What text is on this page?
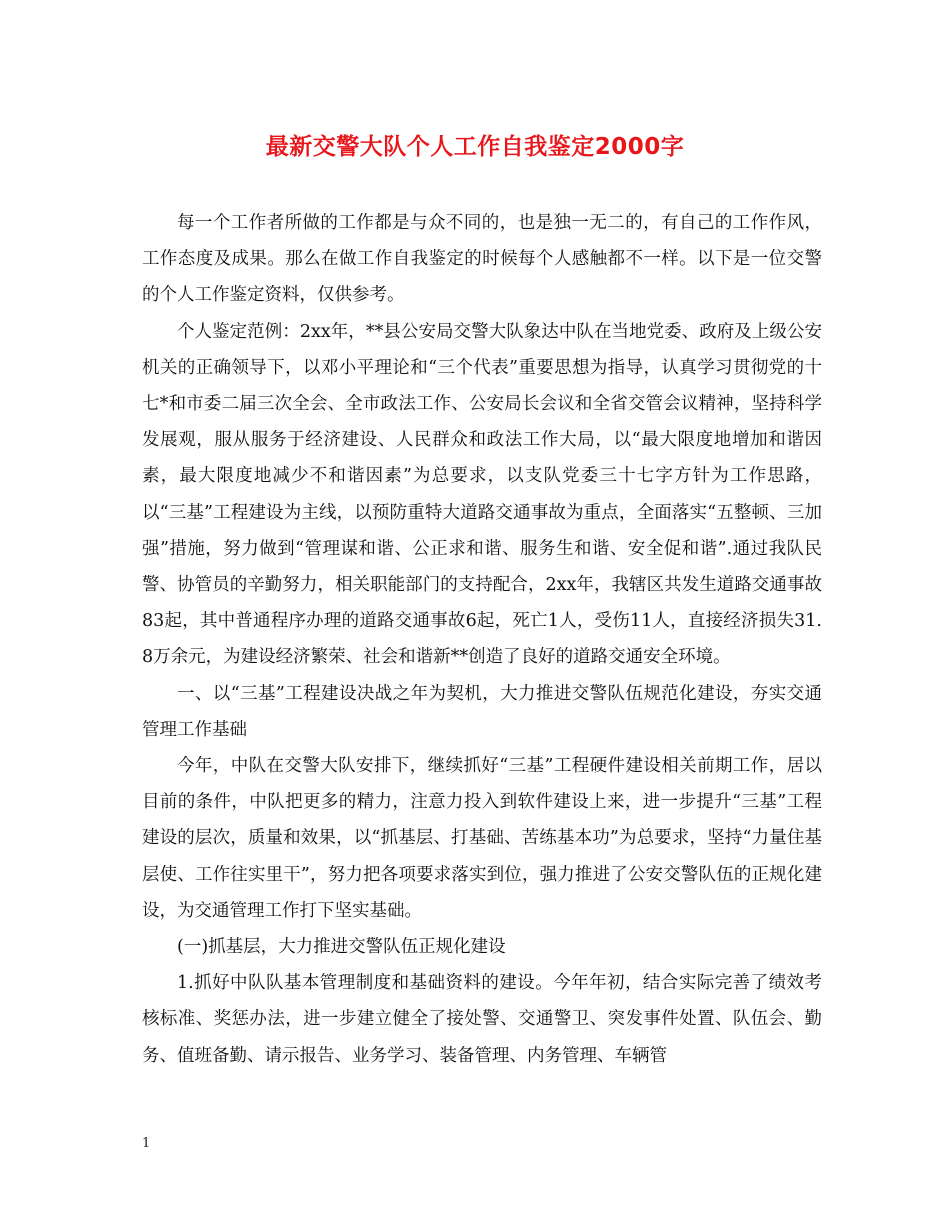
最新交警大队个人工作自我鉴定2000字

每一个工作者所做的工作都是与众不同的，也是独一无二的，有自己的工作作风，工作态度及成果。那么在做工作自我鉴定的时候每个人感触都不一样。以下是一位交警的个人工作鉴定资料，仅供参考。

个人鉴定范例：2xx年，**县公安局交警大队象达中队在当地党委、政府及上级公安机关的正确领导下，以邓小平理论和“三个代表”重要思想为指导，认真学习贯彻党的十七*和市委二届三次全会、全市政法工作、公安局长会议和全省交管会议精神，坚持科学发展观，服从服务于经济建设、人民群众和政法工作大局，以“最大限度地增加和谐因素，最大限度地减少不和谐因素”为总要求，以支队党委三十七字方针为工作思路，以“三基”工程建设为主线，以预防重特大道路交通事故为重点，全面落实“五整顿、三加强”措施，努力做到“管理谋和谐、公正求和谐、服务生和谐、安全促和谐”.通过我队民警、协管员的辛勤努力，相关职能部门的支持配合，2xx年，我辖区共发生道路交通事故83起，其中普通程序办理的道路交通事故6起，死亡1人，受伤11人，直接经济损失31.8万余元，为建设经济繁荣、社会和谐新**创造了良好的道路交通安全环境。

一、以“三基”工程建设决战之年为契机，大力推进交警队伍规范化建设，夯实交通管理工作基础

今年，中队在交警大队安排下，继续抓好“三基”工程硬件建设相关前期工作，居以目前的条件，中队把更多的精力，注意力投入到软件建设上来，进一步提升“三基”工程建设的层次，质量和效果，以“抓基层、打基础、苦练基本功”为总要求，坚持“力量住基层使、工作往实里干”，努力把各项要求落实到位，强力推进了公安交警队伍的正规化建设，为交通管理工作打下坚实基础。

(一)抓基层，大力推进交警队伍正规化建设

1.抓好中队队基本管理制度和基础资料的建设。今年年初，结合实际完善了绩效考核标准、奖惩办法，进一步建立健全了接处警、交通警卫、突发事件处置、队伍会、勤务、值班备勤、请示报告、业务学习、装备管理、内务管理、车辆管

1
